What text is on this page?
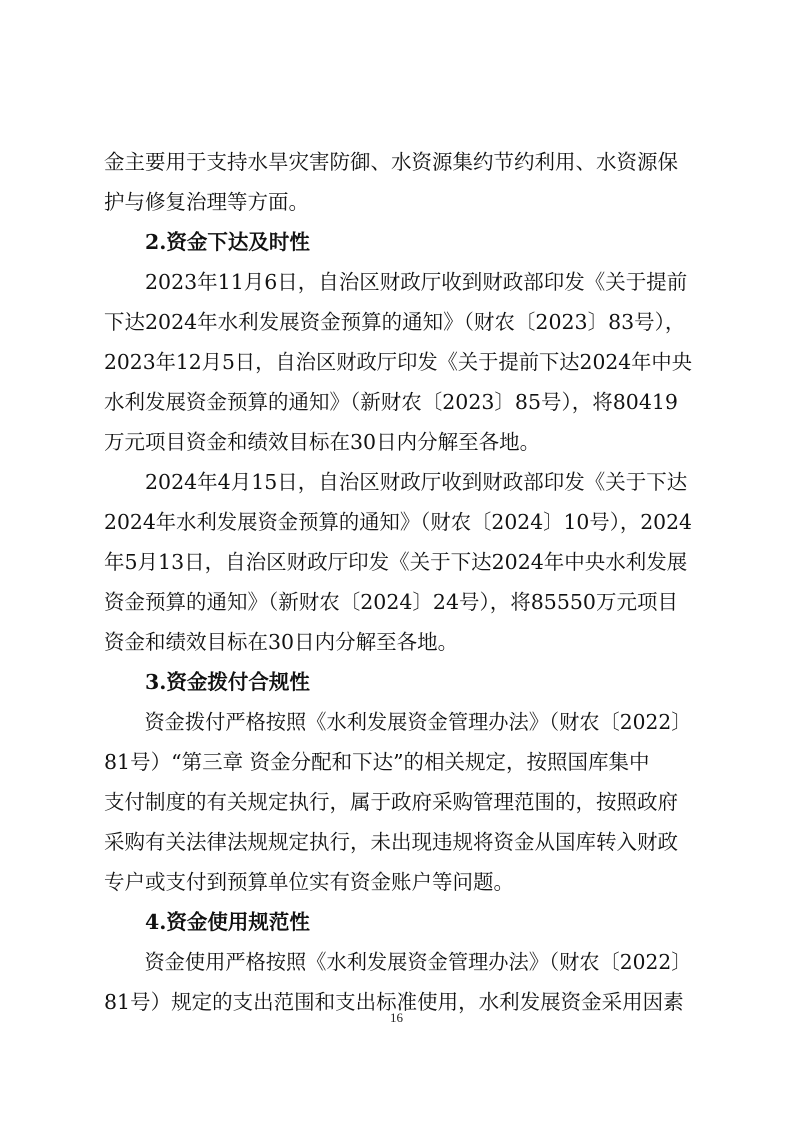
金主要用于支持水旱灾害防御、水资源集约节约利用、水资源保
护与修复治理等方面。
2.资金下达及时性
2023年11月6日，自治区财政厅收到财政部印发《关于提前
下达2024年水利发展资金预算的通知》（财农〔2023〕83号），
2023年12月5日，自治区财政厅印发《关于提前下达2024年中央
水利发展资金预算的通知》（新财农〔2023〕85号），将80419
万元项目资金和绩效目标在30日内分解至各地。
2024年4月15日，自治区财政厅收到财政部印发《关于下达
2024年水利发展资金预算的通知》（财农〔2024〕10号），2024
年5月13日，自治区财政厅印发《关于下达2024年中央水利发展
资金预算的通知》（新财农〔2024〕24号），将85550万元项目
资金和绩效目标在30日内分解至各地。
3.资金拨付合规性
资金拨付严格按照《水利发展资金管理办法》（财农〔2022〕
81号）“第三章 资金分配和下达”的相关规定，按照国库集中
支付制度的有关规定执行，属于政府采购管理范围的，按照政府
采购有关法律法规规定执行，未出现违规将资金从国库转入财政
专户或支付到预算单位实有资金账户等问题。
4.资金使用规范性
资金使用严格按照《水利发展资金管理办法》（财农〔2022〕
81号）规定的支出范围和支出标准使用，水利发展资金采用因素
16
